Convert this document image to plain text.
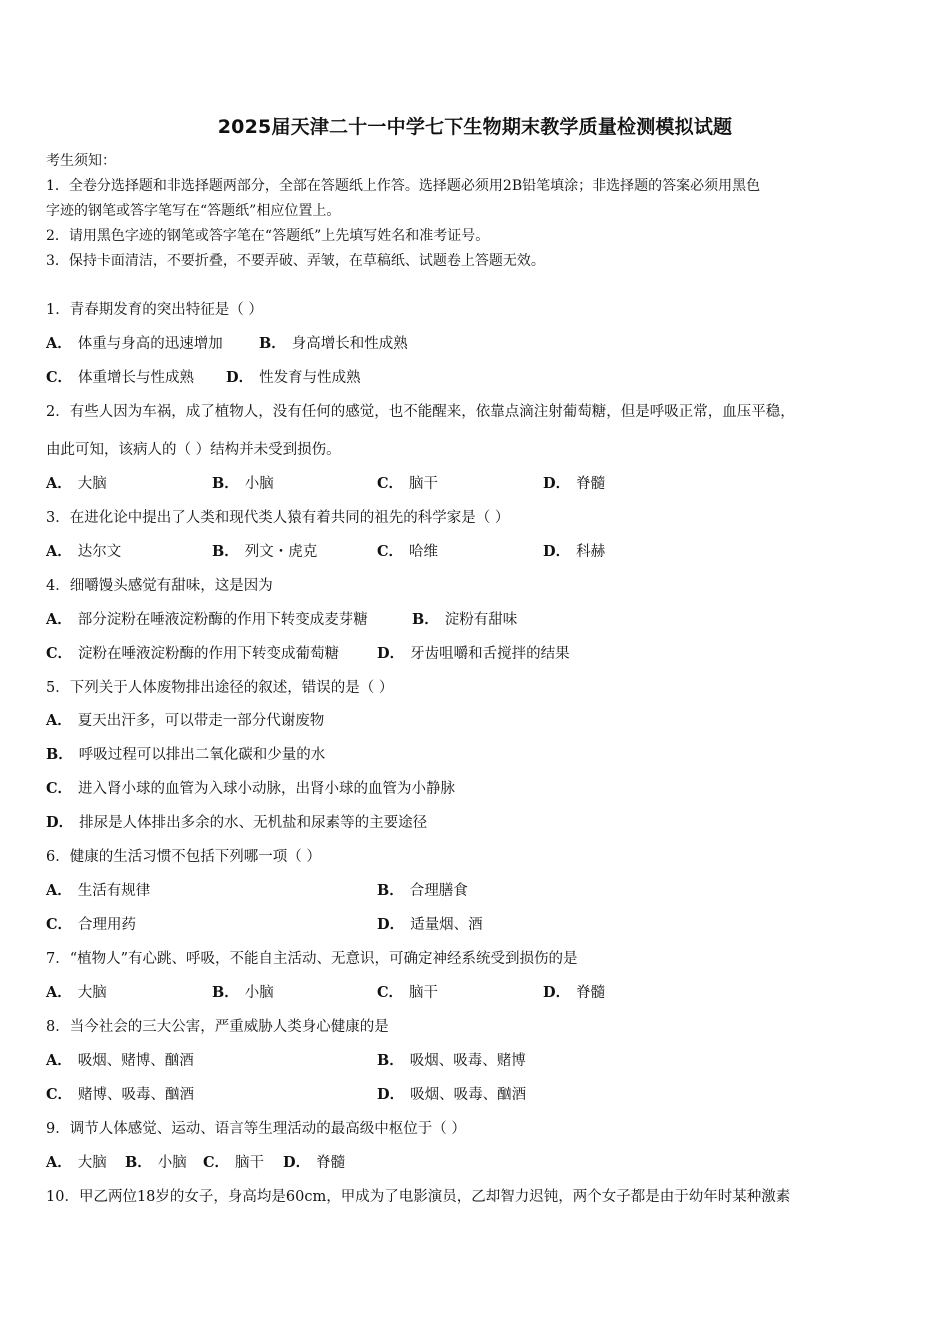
2025届天津二十一中学七下生物期末教学质量检测模拟试题
考生须知：
1．全卷分选择题和非选择题两部分，全部在答题纸上作答。选择题必须用2B铅笔填涂；非选择题的答案必须用黑色
字迹的钢笔或答字笔写在“答题纸”相应位置上。
2．请用黑色字迹的钢笔或答字笔在“答题纸”上先填写姓名和准考证号。
3．保持卡面清洁，不要折叠，不要弄破、弄皱，在草稿纸、试题卷上答题无效。
1．青春期发育的突出特征是（ ）
A． 体重与身高的迅速增加 B． 身高增长和性成熟
C． 体重增长与性成熟 D． 性发育与性成熟
2．有些人因为车祸，成了植物人，没有任何的感觉，也不能醒来，依靠点滴注射葡萄糖，但是呼吸正常，血压平稳，
由此可知，该病人的（ ）结构并未受到损伤。
A． 大脑	B． 小脑	C． 脑干	D． 脊髓
3．在进化论中提出了人类和现代类人猿有着共同的祖先的科学家是（ ）
A． 达尔文	B． 列文・虎克	C． 哈维	D． 科赫
4．细嚼馒头感觉有甜味，这是因为
A． 部分淀粉在唾液淀粉酶的作用下转变成麦芽糖	B． 淀粉有甜味
C． 淀粉在唾液淀粉酶的作用下转变成葡萄糖	D． 牙齿咀嚼和舌搅拌的结果
5．下列关于人体废物排出途径的叙述，错误的是（ ）
A． 夏天出汗多，可以带走一部分代谢废物
B． 呼吸过程可以排出二氧化碳和少量的水
C． 进入肾小球的血管为入球小动脉，出肾小球的血管为小静脉
D． 排尿是人体排出多余的水、无机盐和尿素等的主要途径
6．健康的生活习惯不包括下列哪一项（ ）
A． 生活有规律	B． 合理膳食
C． 合理用药	D． 适量烟、酒
7．“植物人”有心跳、呼吸，不能自主活动、无意识，可确定神经系统受到损伤的是
A． 大脑	B． 小脑	C． 脑干	D． 脊髓
8．当今社会的三大公害，严重威胁人类身心健康的是
A． 吸烟、赌博、酗酒	B． 吸烟、吸毒、赌博
C． 赌博、吸毒、酗酒	D． 吸烟、吸毒、酗酒
9．调节人体感觉、运动、语言等生理活动的最高级中枢位于（ ）
A． 大脑 B． 小脑 C． 脑干 D． 脊髓
10．甲乙两位18岁的女子，身高均是60cm，甲成为了电影演员，乙却智力迟钝，两个女子都是由于幼年时某种激素
